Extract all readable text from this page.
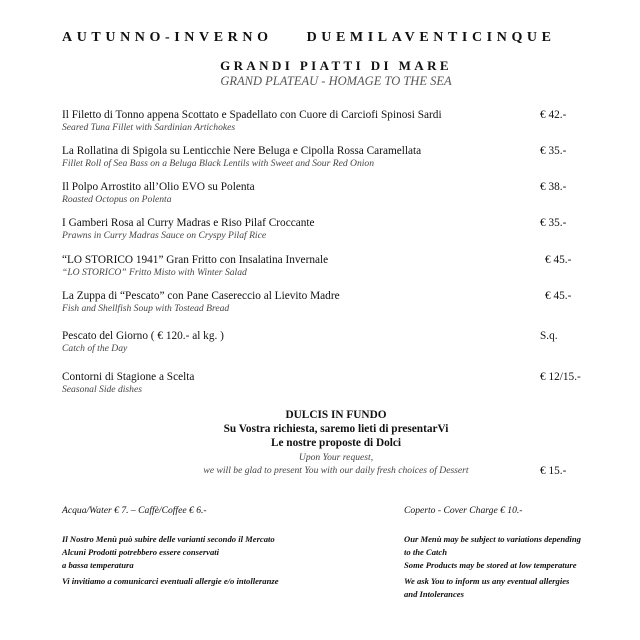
AUTUNNO-INVERNO DUEMILAVENTICINQUE
GRANDI PIATTI DI MARE
GRAND PLATEAU - HOMAGE TO THE SEA
Il Filetto di Tonno appena Scottato e Spadellato con Cuore di Carciofi Spinosi Sardi
Seared Tuna Fillet with Sardinian Artichokes
€ 42.-
La Rollatina di Spigola su Lenticchie Nere Beluga e Cipolla Rossa Caramellata
Fillet Roll of Sea Bass on a Beluga Black Lentils with Sweet and Sour Red Onion
€ 35.-
Il Polpo Arrostito all’Olio EVO su Polenta
Roasted Octopus on Polenta
€ 38.-
I Gamberi Rosa al Curry Madras e Riso Pilaf Croccante
Prawns in Curry Madras Sauce on Cryspy Pilaf Rice
€ 35.-
“LO STORICO 1941” Gran Fritto con Insalatina Invernale
“LO STORICO” Fritto Misto with Winter Salad
€ 45.-
La Zuppa di “Pescato” con Pane Casereccio al Lievito Madre
Fish and Shellfish Soup with Tostead Bread
€ 45.-
Pescato del Giorno ( € 120.- al kg. )
Catch of the Day
S.q.
Contorni di Stagione a Scelta
Seasonal Side dishes
€ 12/15.-
DULCIS IN FUNDO
Su Vostra richiesta, saremo lieti di presentarVi
Le nostre proposte di Dolci
Upon Your request,
we will be glad to present You with our daily fresh choices of Dessert	€ 15.-
Acqua/Water € 7. – Caffè/Coffee € 6.-	Coperto - Cover Charge € 10.-
Il Nostro Menù può subire delle varianti secondo il Mercato
Alcuni Prodotti potrebbero essere conservati
a bassa temperatura
Our Menù may be subject to variations depending
to the Catch
Some Products may be stored at low temperature
Vi invitiamo a comunicarci eventuali allergie e/o intolleranze	We ask You to inform us any eventual allergies
and Intolerances
